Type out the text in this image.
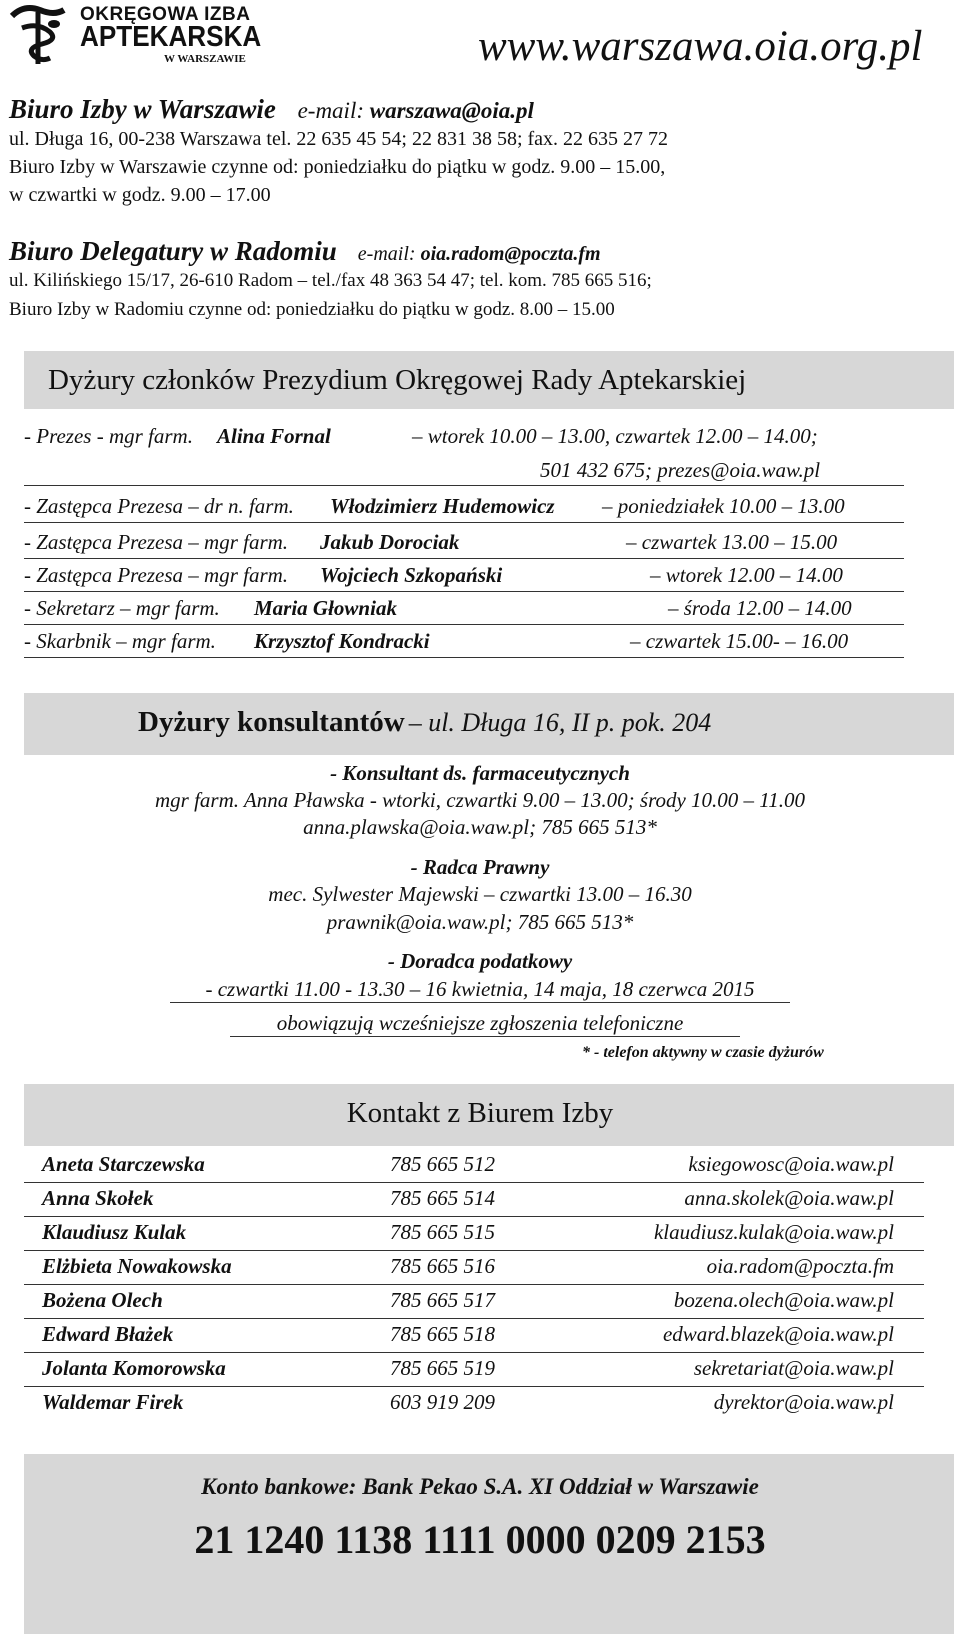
OKRĘGOWA IZBA
APTEKARSKA
W WARSZAWIE	www.warszawa.oia.org.pl
Biuro Izby w Warszawie e-mail: warszawa@oia.pl
ul. Długa 16, 00-238 Warszawa tel. 22 635 45 54; 22 831 38 58; fax. 22 635 27 72
Biuro Izby w Warszawie czynne od: poniedziałku do piątku w godz. 9.00 – 15.00,
w czwartki w godz. 9.00 – 17.00
Biuro Delegatury w Radomiu e-mail: oia.radom@poczta.fm
ul. Kilińskiego 15/17, 26-610 Radom – tel./fax 48 363 54 47; tel. kom. 785 665 516;
Biuro Izby w Radomiu czynne od: poniedziałku do piątku w godz. 8.00 – 15.00
Dyżury członków Prezydium Okręgowej Rady Aptekarskiej
- Prezes - mgr farm. Alina Fornal	– wtorek 10.00 – 13.00, czwartek 12.00 – 14.00;
501 432 675; prezes@oia.waw.pl
- Zastępca Prezesa – dr n. farm. Włodzimierz Hudemowicz – poniedziałek 10.00 – 13.00
- Zastępca Prezesa – mgr farm. Jakub Dorociak	– czwartek 13.00 – 15.00
- Zastępca Prezesa – mgr farm. Wojciech Szkopański	– wtorek 12.00 – 14.00
- Sekretarz – mgr farm. Maria Głowniak	– środa 12.00 – 14.00
- Skarbnik – mgr farm. Krzysztof Kondracki	– czwartek 15.00- – 16.00
Dyżury konsultantów – ul. Długa 16, II p. pok. 204
- Konsultant ds. farmaceutycznych
mgr farm. Anna Pławska - wtorki, czwartki 9.00 – 13.00; środy 10.00 – 11.00
anna.plawska@oia.waw.pl; 785 665 513*
- Radca Prawny
mec. Sylwester Majewski – czwartki 13.00 – 16.30
prawnik@oia.waw.pl; 785 665 513*
- Doradca podatkowy
- czwartki 11.00 - 13.30 – 16 kwietnia, 14 maja, 18 czerwca 2015
obowiązują wcześniejsze zgłoszenia telefoniczne
* - telefon aktywny w czasie dyżurów
Kontakt z Biurem Izby
Aneta Starczewska	785 665 512	ksiegowosc@oia.waw.pl
Anna Skołek	785 665 514	anna.skolek@oia.waw.pl
Klaudiusz Kulak	785 665 515	klaudiusz.kulak@oia.waw.pl
Elżbieta Nowakowska	785 665 516	oia.radom@poczta.fm
Bożena Olech	785 665 517	bozena.olech@oia.waw.pl
Edward Błażek	785 665 518	edward.blazek@oia.waw.pl
Jolanta Komorowska	785 665 519	sekretariat@oia.waw.pl
Waldemar Firek	603 919 209	dyrektor@oia.waw.pl
Konto bankowe: Bank Pekao S.A. XI Oddział w Warszawie
21 1240 1138 1111 0000 0209 2153
